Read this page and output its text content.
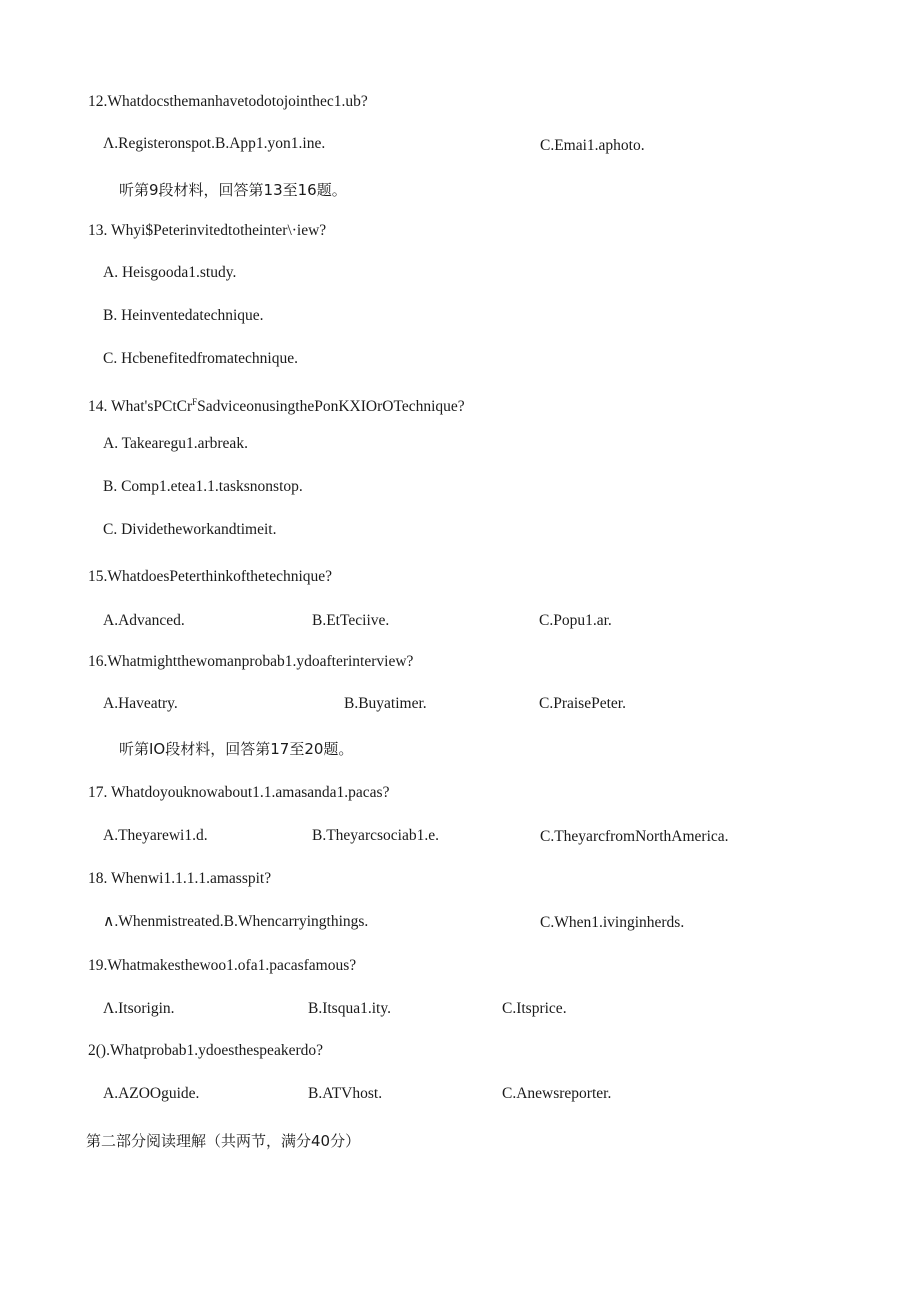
12.Whatdocsthemanhavetodotojointhec1.ub?
Λ.Registeronspot.B.App1.yon1.ine.	C.Emai1.aphoto.
听第9段材料，回答第13至16题。
13. Whyi$Peterinvitedtotheinter\·iew?
A. Heisgooda1.study.
B. Heinventedatechnique.
C. Hcbenefitedfromatechnique.
14. What'sPCtCr$^F$SadviceonusingthePonKXIOrOTechnique?
A. Takearegu1.arbreak.
B. Comp1.etea1.1.tasksnonstop.
C. Dividetheworkandtimeit.
15.WhatdoesPeterthinkofthetechnique?
A.Advanced.	B.EtTeciive.	C.Popu1.ar.
16.Whatmightthewomanprobab1.ydoafterinterview?
A.Haveatry.	B.Buyatimer.	C.PraisePeter.
听第IO段材料，回答第17至20题。
17. Whatdoyouknowabout1.1.amasanda1.pacas?
A.Theyarewi1.d.	B.Theyarcsociab1.e.	C.TheyarcfromNorthAmerica.
18. Whenwi1.1.1.1.amasspit?
∧.Whenmistreated.B.Whencarryingthings.	C.When1.ivinginherds.
19.Whatmakesthewoo1.ofa1.pacasfamous?
Λ.Itsorigin.	B.Itsqua1.ity.	C.Itsprice.
2().Whatprobab1.ydoesthespeakerdo?
A.AZOOguide.	B.ATVhost.	C.Anewsreporter.
第二部分阅读理解（共两节，满分40分）
